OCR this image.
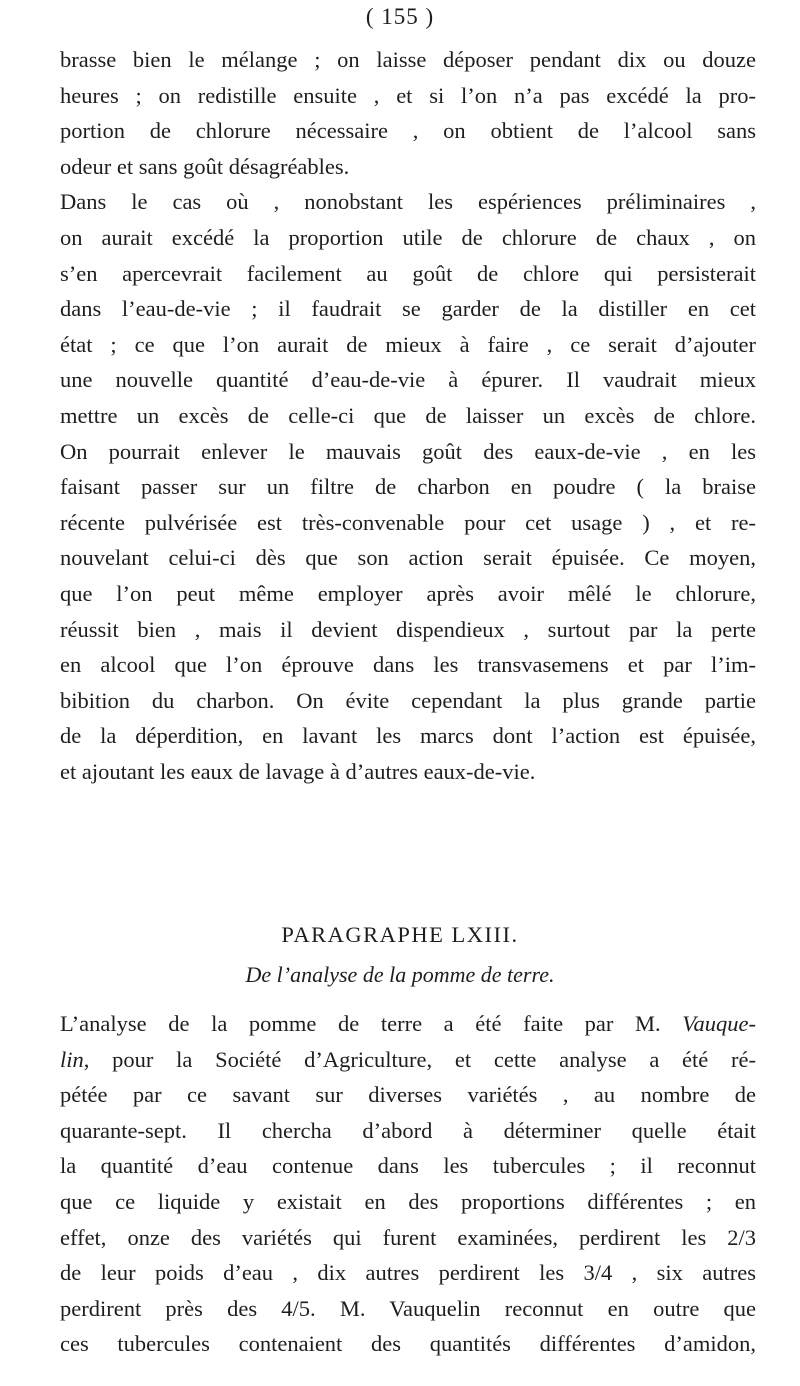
( 155 )
brasse bien le mélange ; on laisse déposer pendant dix ou douze
heures ; on redistille ensuite , et si l’on n’a pas excédé la pro-
portion de chlorure nécessaire , on obtient de l’alcool sans
odeur et sans goût désagréables.
Dans le cas où , nonobstant les espériences préliminaires ,
on aurait excédé la proportion utile de chlorure de chaux , on
s’en apercevrait facilement au goût de chlore qui persisterait
dans l’eau-de-vie ; il faudrait se garder de la distiller en cet
état ; ce que l’on aurait de mieux à faire , ce serait d’ajouter
une nouvelle quantité d’eau-de-vie à épurer. Il vaudrait mieux
mettre un excès de celle-ci que de laisser un excès de chlore.
On pourrait enlever le mauvais goût des eaux-de-vie , en les
faisant passer sur un filtre de charbon en poudre ( la braise
récente pulvérisée est très-convenable pour cet usage ) , et re-
nouvelant celui-ci dès que son action serait épuisée. Ce moyen,
que l’on peut même employer après avoir mêlé le chlorure,
réussit bien , mais il devient dispendieux , surtout par la perte
en alcool que l’on éprouve dans les transvasemens et par l’im-
bibition du charbon. On évite cependant la plus grande partie
de la déperdition, en lavant les marcs dont l’action est épuisée,
et ajoutant les eaux de lavage à d’autres eaux-de-vie.
PARAGRAPHE LXIII.
De l’analyse de la pomme de terre.
L’analyse de la pomme de terre a été faite par M. Vauque-
lin, pour la Société d’Agriculture, et cette analyse a été ré-
pétée par ce savant sur diverses variétés , au nombre de
quarante-sept. Il chercha d’abord à déterminer quelle était
la quantité d’eau contenue dans les tubercules ; il reconnut
que ce liquide y existait en des proportions différentes ; en
effet, onze des variétés qui furent examinées, perdirent les 2/3
de leur poids d’eau , dix autres perdirent les 3/4 , six autres
perdirent près des 4/5. M. Vauquelin reconnut en outre que
ces tubercules contenaient des quantités différentes d’amidon,
